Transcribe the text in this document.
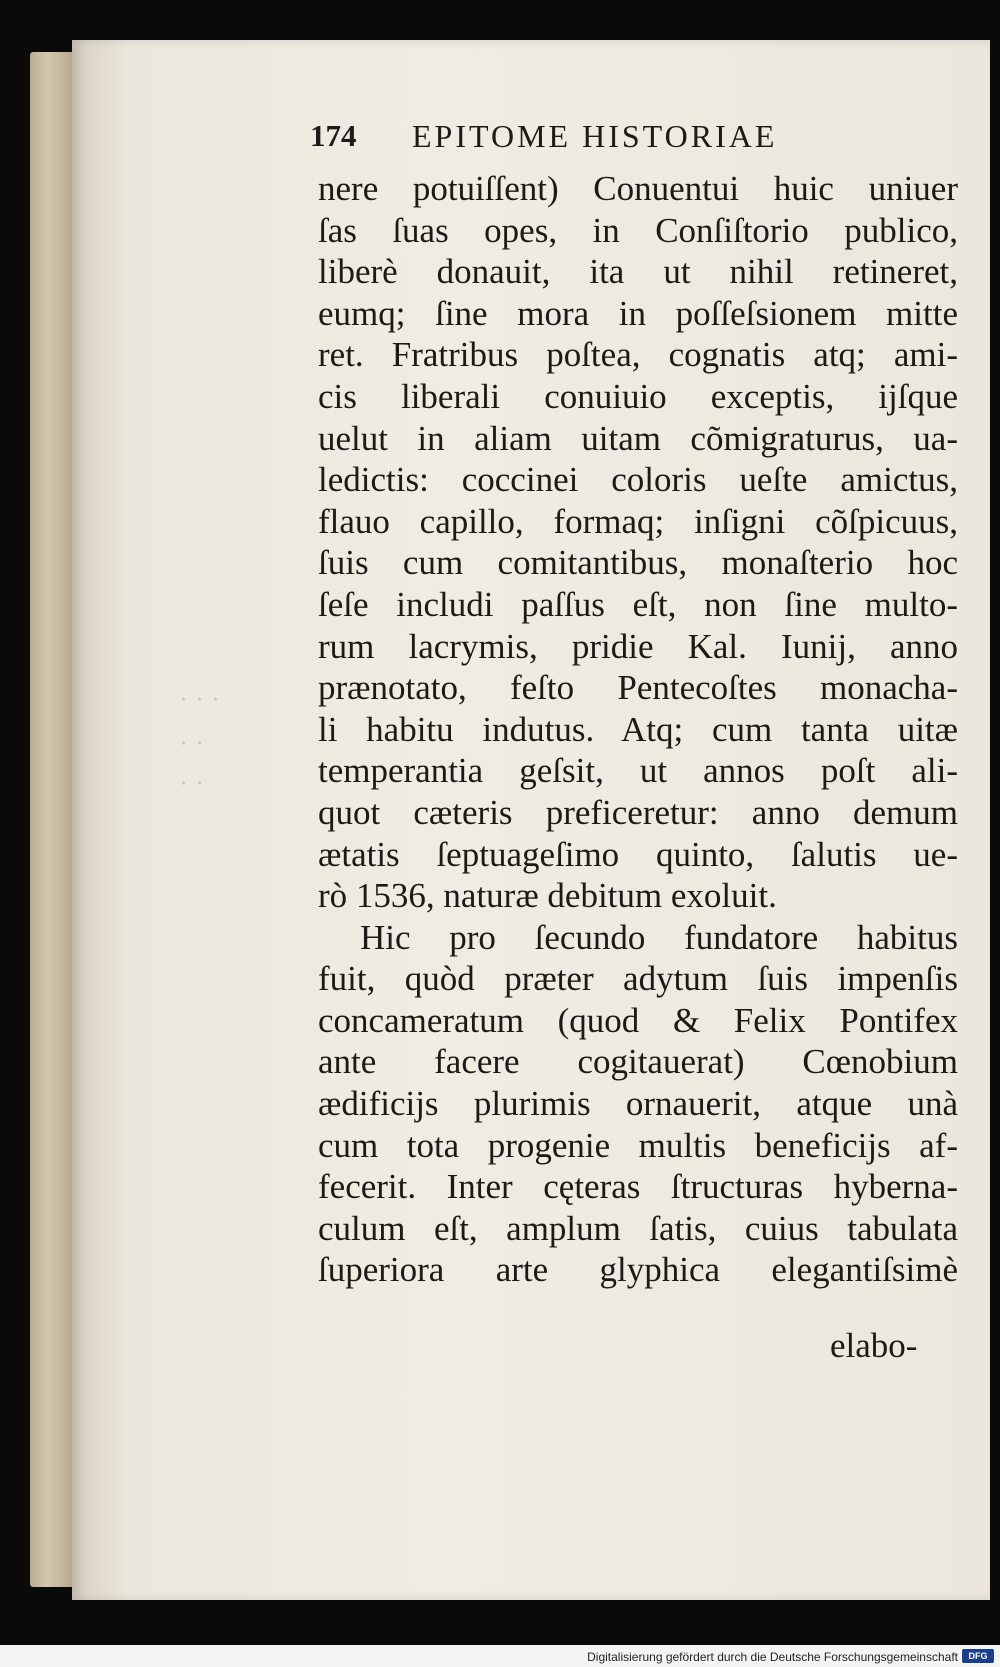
· · ·
· ·
· ·
174 EPITOME HISTORIAE
nere potuiſſent) Conuentui huic uniuer
ſas ſuas opes, in Conſiſtorio publico,
liberè donauit, ita ut nihil retineret,
eumq; ſine mora in poſſeſsionem mitte
ret. Fratribus poſtea, cognatis atq; ami-
cis liberali conuiuio exceptis, ijſque
uelut in aliam uitam cõmigraturus, ua-
ledictis: coccinei coloris ueſte amictus,
flauo capillo, formaq; inſigni cõſpicuus,
ſuis cum comitantibus, monaſterio hoc
ſeſe includi paſſus eſt, non ſine multo-
rum lacrymis, pridie Kal. Iunij, anno
prænotato, feſto Pentecoſtes monacha-
li habitu indutus. Atq; cum tanta uitæ
temperantia geſsit, ut annos poſt ali-
quot cæteris preficeretur: anno demum
ætatis ſeptuageſimo quinto, ſalutis ue-
rò 1536, naturæ debitum exoluit.
Hic pro ſecundo fundatore habitus
fuit, quòd præter adytum ſuis impenſis
concameratum (quod & Felix Pontifex
ante facere cogitauerat) Cœnobium
ædificijs plurimis ornauerit, atque unà
cum tota progenie multis beneficijs af-
fecerit. Inter cęteras ſtructuras hyberna-
culum eſt, amplum ſatis, cuius tabulata
ſuperiora arte glyphica elegantiſsimè
elabo-
Digitalisierung gefördert durch die Deutsche Forschungsgemeinschaft	DFG
